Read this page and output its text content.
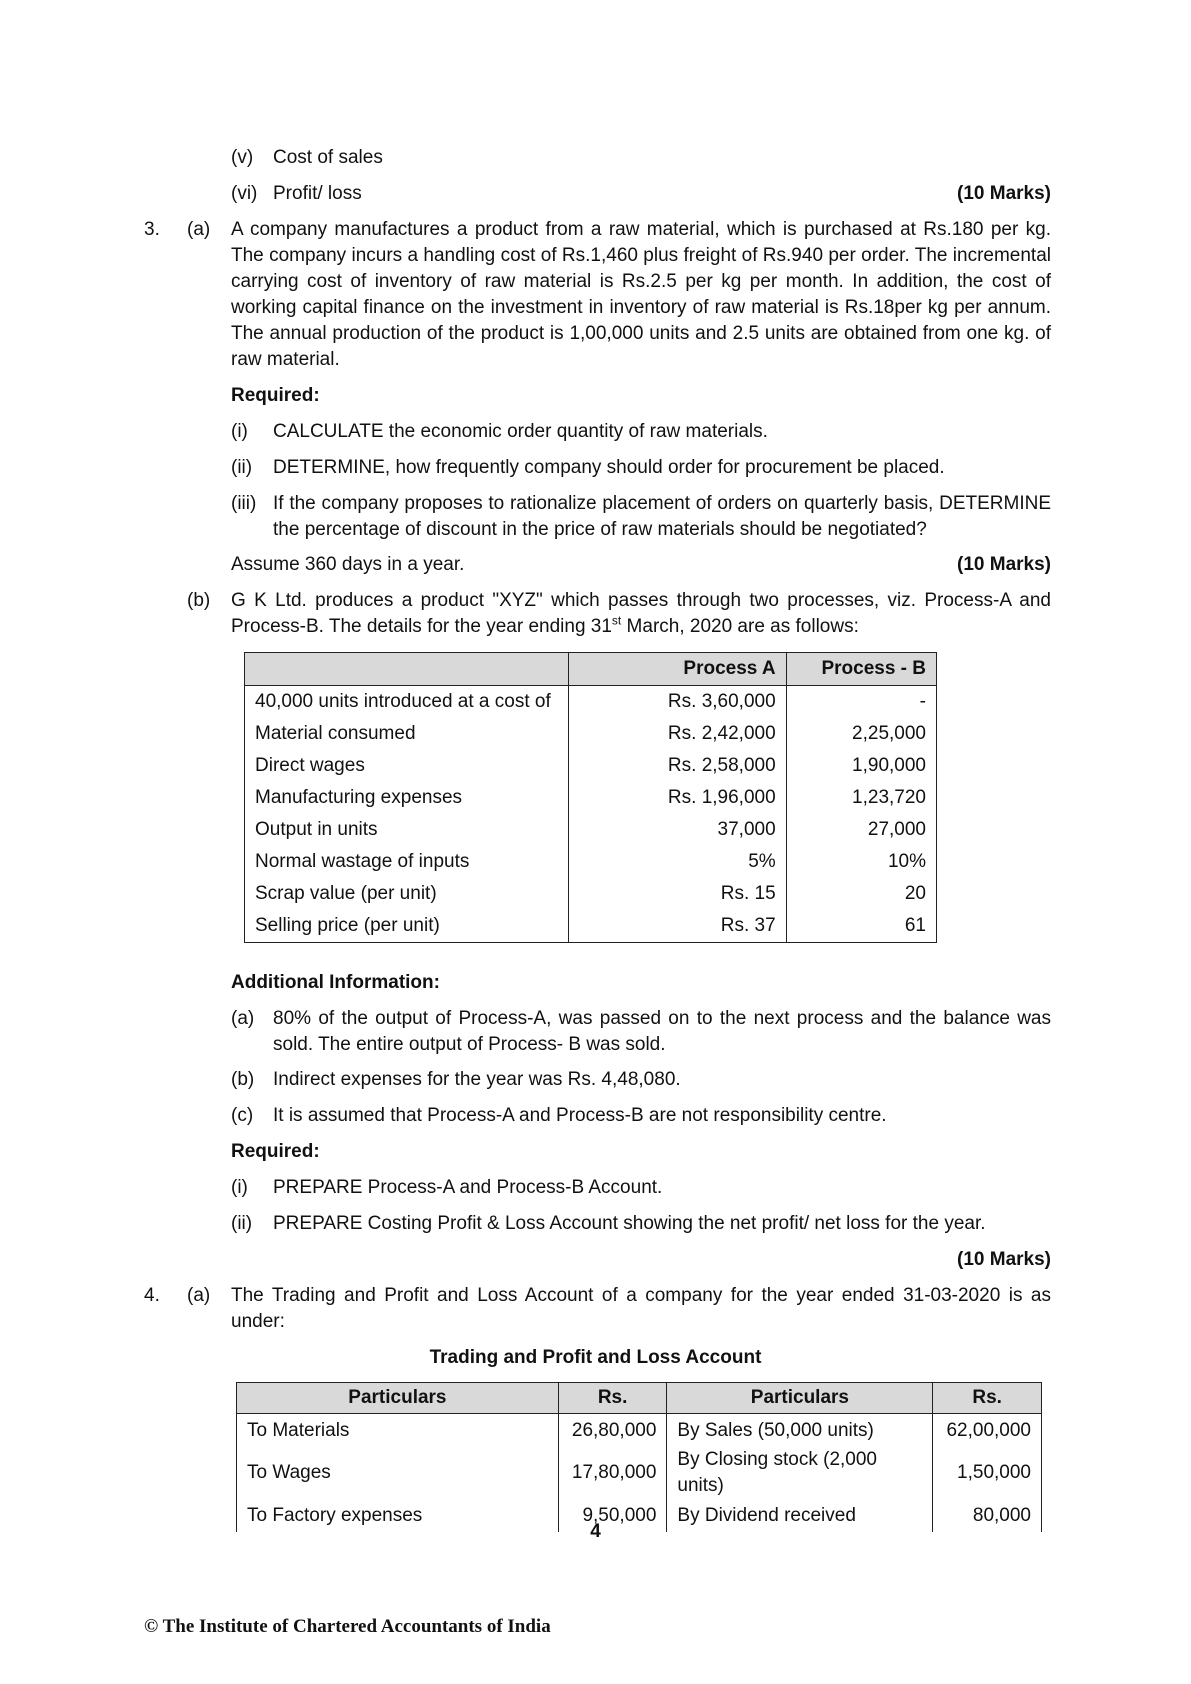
(v)	Cost of sales
(vi) Profit/ loss	(10 Marks)
3. (a) A company manufactures a product from a raw material, which is purchased at Rs.180 per kg. The company incurs a handling cost of Rs.1,460 plus freight of Rs.940 per order. The incremental carrying cost of inventory of raw material is Rs.2.5 per kg per month. In addition, the cost of working capital finance on the investment in inventory of raw material is Rs.18per kg per annum. The annual production of the product is 1,00,000 units and 2.5 units are obtained from one kg. of raw material.
Required:
(i)	CALCULATE the economic order quantity of raw materials.
(ii)	DETERMINE, how frequently company should order for procurement be placed.
(iii) If the company proposes to rationalize placement of orders on quarterly basis, DETERMINE the percentage of discount in the price of raw materials should be negotiated?
Assume 360 days in a year.	(10 Marks)
(b) G K Ltd. produces a product "XYZ" which passes through two processes, viz. Process-A and Process-B. The details for the year ending 31st March, 2020 are as follows:
	Process A	Process - B
40,000 units introduced at a cost of	Rs. 3,60,000	-
Material consumed	Rs. 2,42,000	2,25,000
Direct wages	Rs. 2,58,000	1,90,000
Manufacturing expenses	Rs. 1,96,000	1,23,720
Output in units	37,000	27,000
Normal wastage of inputs	5%	10%
Scrap value (per unit)	Rs. 15	20
Selling price (per unit)	Rs. 37	61
Additional Information:
(a) 80% of the output of Process-A, was passed on to the next process and the balance was sold. The entire output of Process- B was sold.
(b) Indirect expenses for the year was Rs. 4,48,080.
(c)	It is assumed that Process-A and Process-B are not responsibility centre.
Required:
(i)	PREPARE Process-A and Process-B Account.
(ii)	PREPARE Costing Profit & Loss Account showing the net profit/ net loss for the year.
(10 Marks)
4. (a) The Trading and Profit and Loss Account of a company for the year ended 31-03-2020 is as under:
Trading and Profit and Loss Account
Particulars	Rs.	Particulars	Rs.
To Materials	26,80,000	By Sales (50,000 units)	62,00,000
To Wages	17,80,000	By Closing stock (2,000 units)	1,50,000
To Factory expenses	9,50,000	By Dividend received	80,000
4
© The Institute of Chartered Accountants of India
